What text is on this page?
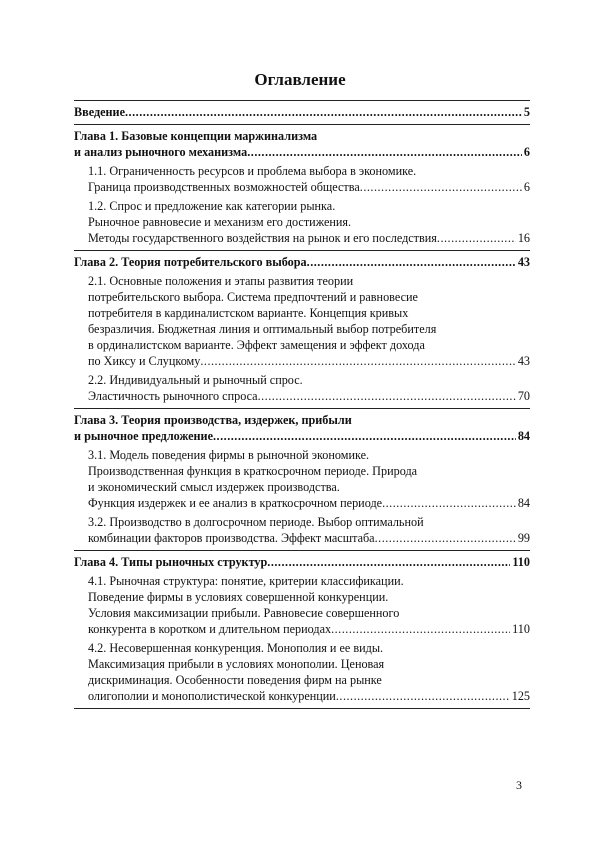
Оглавление
Введение .....	5
Глава 1. Базовые концепции маржинализма
и анализ рыночного механизма .....	6
1.1. Ограниченность ресурсов и проблема выбора в экономике.
Граница производственных возможностей общества .....	6
1.2. Спрос и предложение как категории рынка.
Рыночное равновесие и механизм его достижения.
Методы государственного воздействия на рынок и его последствия .....	16
Глава 2. Теория потребительского выбора .....	43
2.1. Основные положения и этапы развития теории
потребительского выбора. Система предпочтений и равновесие
потребителя в кардиналистском варианте. Концепция кривых
безразличия. Бюджетная линия и оптимальный выбор потребителя
в ординалистском варианте. Эффект замещения и эффект дохода
по Хиксу и Слуцкому .....	43
2.2. Индивидуальный и рыночный спрос.
Эластичность рыночного спроса .....	70
Глава 3. Теория производства, издержек, прибыли
и рыночное предложение .....	84
3.1. Модель поведения фирмы в рыночной экономике.
Производственная функция в краткосрочном периоде. Природа
и экономический смысл издержек производства.
Функция издержек и ее анализ в краткосрочном периоде .....	84
3.2. Производство в долгосрочном периоде. Выбор оптимальной
комбинации факторов производства. Эффект масштаба .....	99
Глава 4. Типы рыночных структур .....	110
4.1. Рыночная структура: понятие, критерии классификации.
Поведение фирмы в условиях совершенной конкуренции.
Условия максимизации прибыли. Равновесие совершенного
конкурента в коротком и длительном периодах .....	110
4.2. Несовершенная конкуренция. Монополия и ее виды.
Максимизация прибыли в условиях монополии. Ценовая
дискриминация. Особенности поведения фирм на рынке
олигополии и монополистической конкуренции .....	125
3
